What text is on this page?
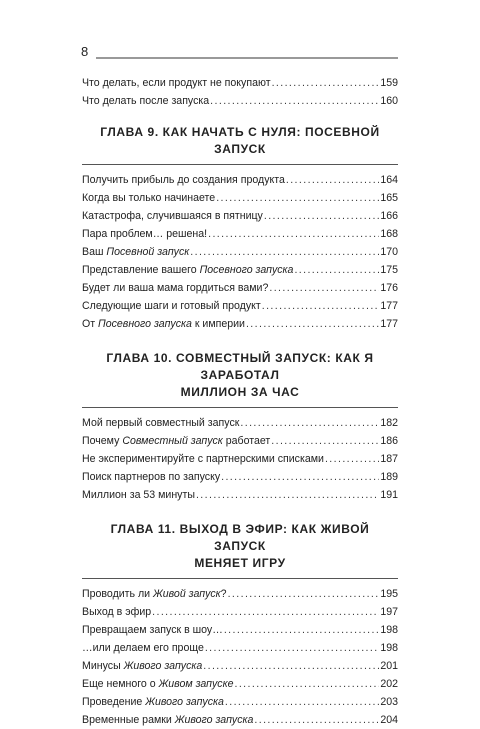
8
Что делать, если продукт не покупают .....	159
Что делать после запуска .....	160
ГЛАВА 9. КАК НАЧАТЬ С НУЛЯ: ПОСЕВНОЙ ЗАПУСК
Получить прибыль до создания продукта .....	164
Когда вы только начинаете .....	165
Катастрофа, случившаяся в пятницу .....	166
Пара проблем… решена! .....	168
Ваш Посевной запуск .....	170
Представление вашего Посевного запуска .....	175
Будет ли ваша мама гордиться вами? .....	176
Следующие шаги и готовый продукт .....	177
От Посевного запуска к империи .....	177
ГЛАВА 10. СОВМЕСТНЫЙ ЗАПУСК: КАК Я ЗАРАБОТАЛ
МИЛЛИОН ЗА ЧАС
Мой первый совместный запуск .....	182
Почему Совместный запуск работает .....	186
Не экспериментируйте с партнерскими списками .....	187
Поиск партнеров по запуску .....	189
Миллион за 53 минуты .....	191
ГЛАВА 11. ВЫХОД В ЭФИР: КАК ЖИВОЙ ЗАПУСК
МЕНЯЕТ ИГРУ
Проводить ли Живой запуск? .....	195
Выход в эфир .....	197
Превращаем запуск в шоу… .....	198
…или делаем его проще .....	198
Минусы Живого запуска .....	201
Еще немного о Живом запуске .....	202
Проведение Живого запуска .....	203
Временные рамки Живого запуска .....	204
